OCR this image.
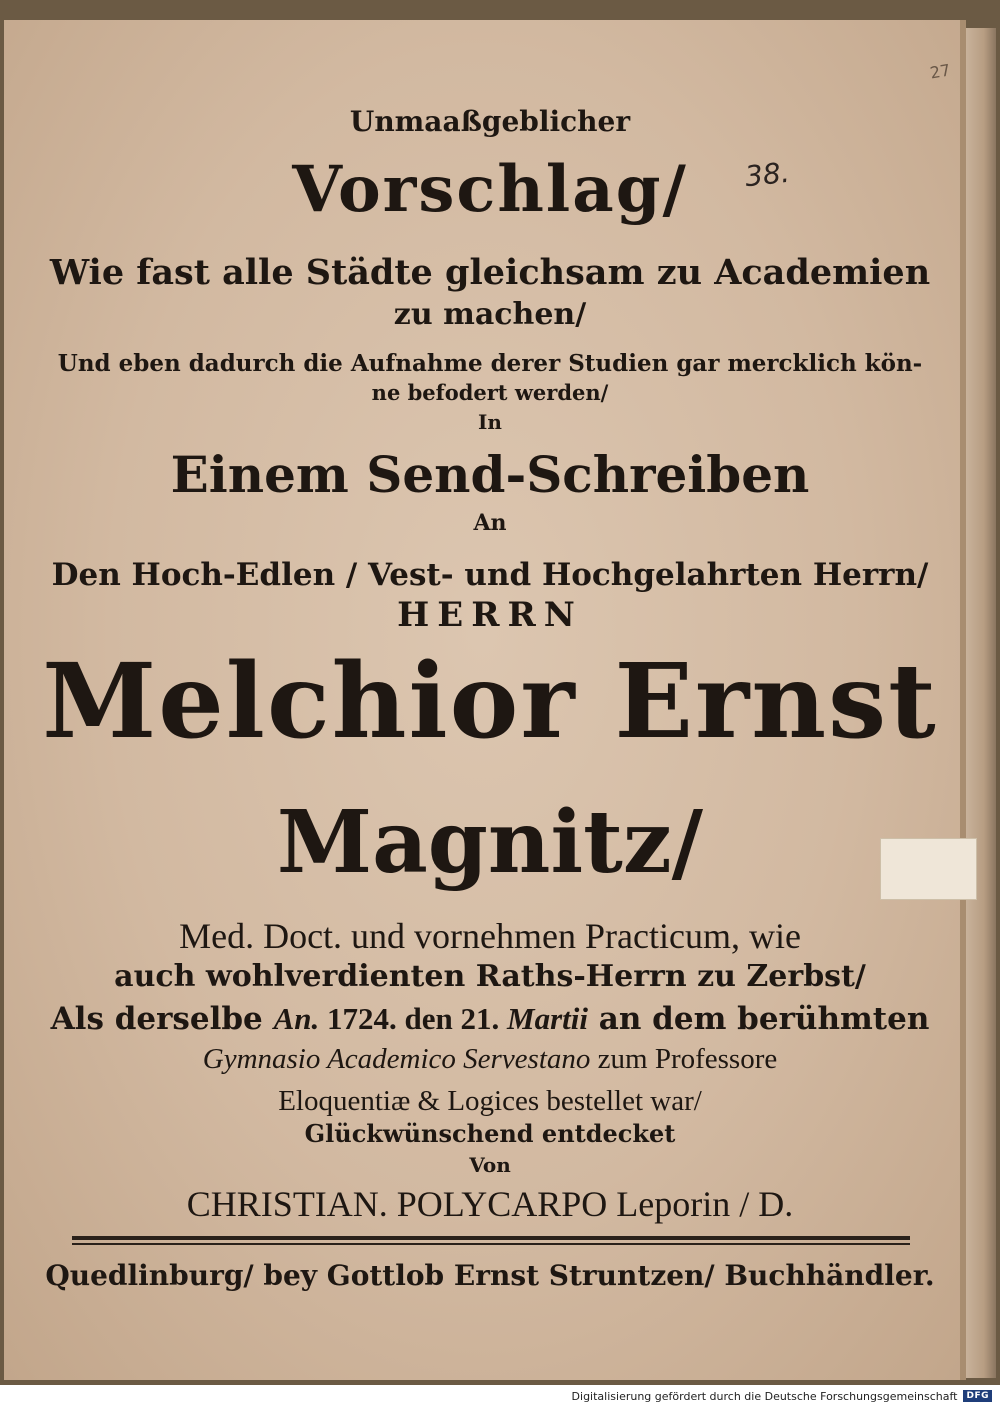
27
38.
Unmaaßgeblicher
Vorschlag/
Wie fast alle Städte gleichsam zu Academien
zu machen/
Und eben dadurch die Aufnahme derer Studien gar mercklich kön-
ne befodert werden/
In
Einem Send-Schreiben
An
Den Hoch-Edlen / Vest- und Hochgelahrten Herrn/
HERRN
Melchior Ernst
Magnitz/
Med. Doct. und vornehmen Practicum, wie
auch wohlverdienten Raths-Herrn zu Zerbst/
Als derselbe An. 1724. den 21. Martii an dem berühmten
Gymnasio Academico Servestano zum Professore
Eloquentiæ & Logices bestellet war/
Glückwünschend entdecket
Von
CHRISTIAN. POLYCARPO Leporin / D.
Quedlinburg/ bey Gottlob Ernst Struntzen/ Buchhändler.
Digitalisierung gefördert durch die Deutsche Forschungsgemeinschaft	DFG
